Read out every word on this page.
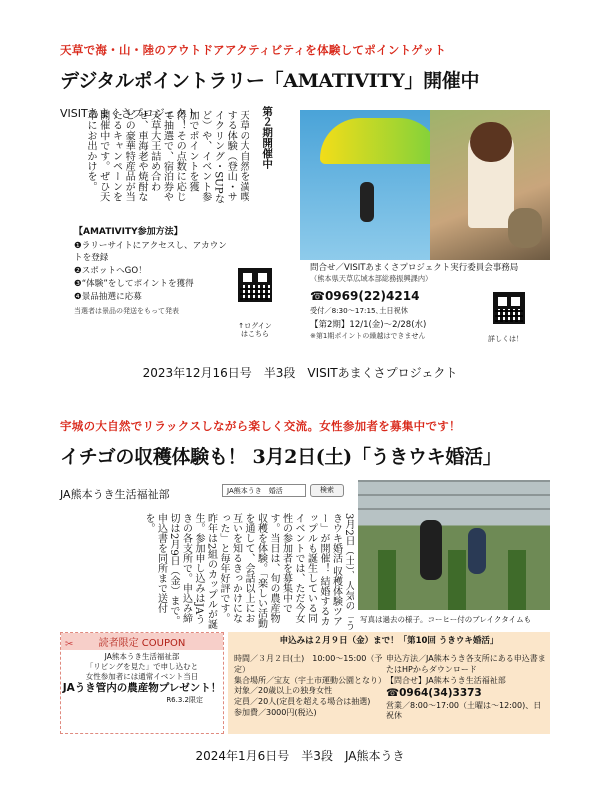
天草で海・山・陸のアウトドアアクティビティを体験してポイントゲット
デジタルポイントラリー「AMATIVITY」開催中
VISITあまくさプロジェクト	天草の大自然を満喫する体験（登山・サイクリング・SUPなど）や、イベント参加でポイントを獲得！その点数に応じて抽選で、宿泊券や天草大王詰め合わせ、車海老や焼酎などの豪華特産品が当たるキャンペーンを開催中です。ぜひ天草にお出かけを。	第２期開催中
【AMATIVITY参加方法】
❶ラリーサイトにアクセスし、アカウントを登録
❷スポットへGO！
❸“体験”をしてポイントを獲得
❹景品抽選に応募
当選者は景品の発送をもって発表
↑ログインはこちら
問合せ／VISITあまくさプロジェクト実行委員会事務局
（熊本県天草広域本部総務振興課内）
☎0969(22)4214
受付／8:30〜17:15､土日祝休
【第2期】12/1(金)〜2/28(水)
※第1期ポイントの繰越はできません	詳しくは！
2023年12月16日号　半3段　VISITあまくさプロジェクト
宇城の大自然でリラックスしながら楽しく交流。女性参加者を募集中です！
イチゴの収穫体験も！ 3月2日(土)「うきウキ婚活」
JA熊本うき生活福祉部	JA熊本うき　婚活	検索
3月2日（土）、人気の「うきウキ婚活 収穫体験ツアー」が開催！ 結婚するカップルも誕生している同イベントでは、ただ今女性の参加者を募集中です。当日は、旬の農産物収穫を体験。「楽しい活動を通して、会話以上にお互いを知るきっかけになった」と毎年好評です。昨年は2組のカップルが誕生。参加申し込みはJAうきの各支所で。申込み締切は2月9日（金）まで。申込書を同所まで送付を。
写真は過去の様子。コーヒー付のブレイクタイムも
✂	読者限定 COUPON
JA熊本うき生活福祉部
「リビングを見た」で申し込むと
女性参加者には通常イベント当日
JAうき管内の農産物プレゼント！
R6.3.2限定
申込みは２月９日（金）まで！「第10回 うきウキ婚活」
時間／３月２日(土)　10:00〜15:00（予定）
集合場所／宝友（宇土市運動公園となり）
対象／20歳以上の独身女性
定員／20人(定員を超える場合は抽選)
参加費／3000円(税込)
申込方法／JA熊本うき各支所にある申込書またはHPからダウンロード
【問合せ】JA熊本うき生活福祉部
☎0964(34)3373
営業／8:00〜17:00（土曜は〜12:00)、日祝休
2024年1月6日号　半3段　JA熊本うき
